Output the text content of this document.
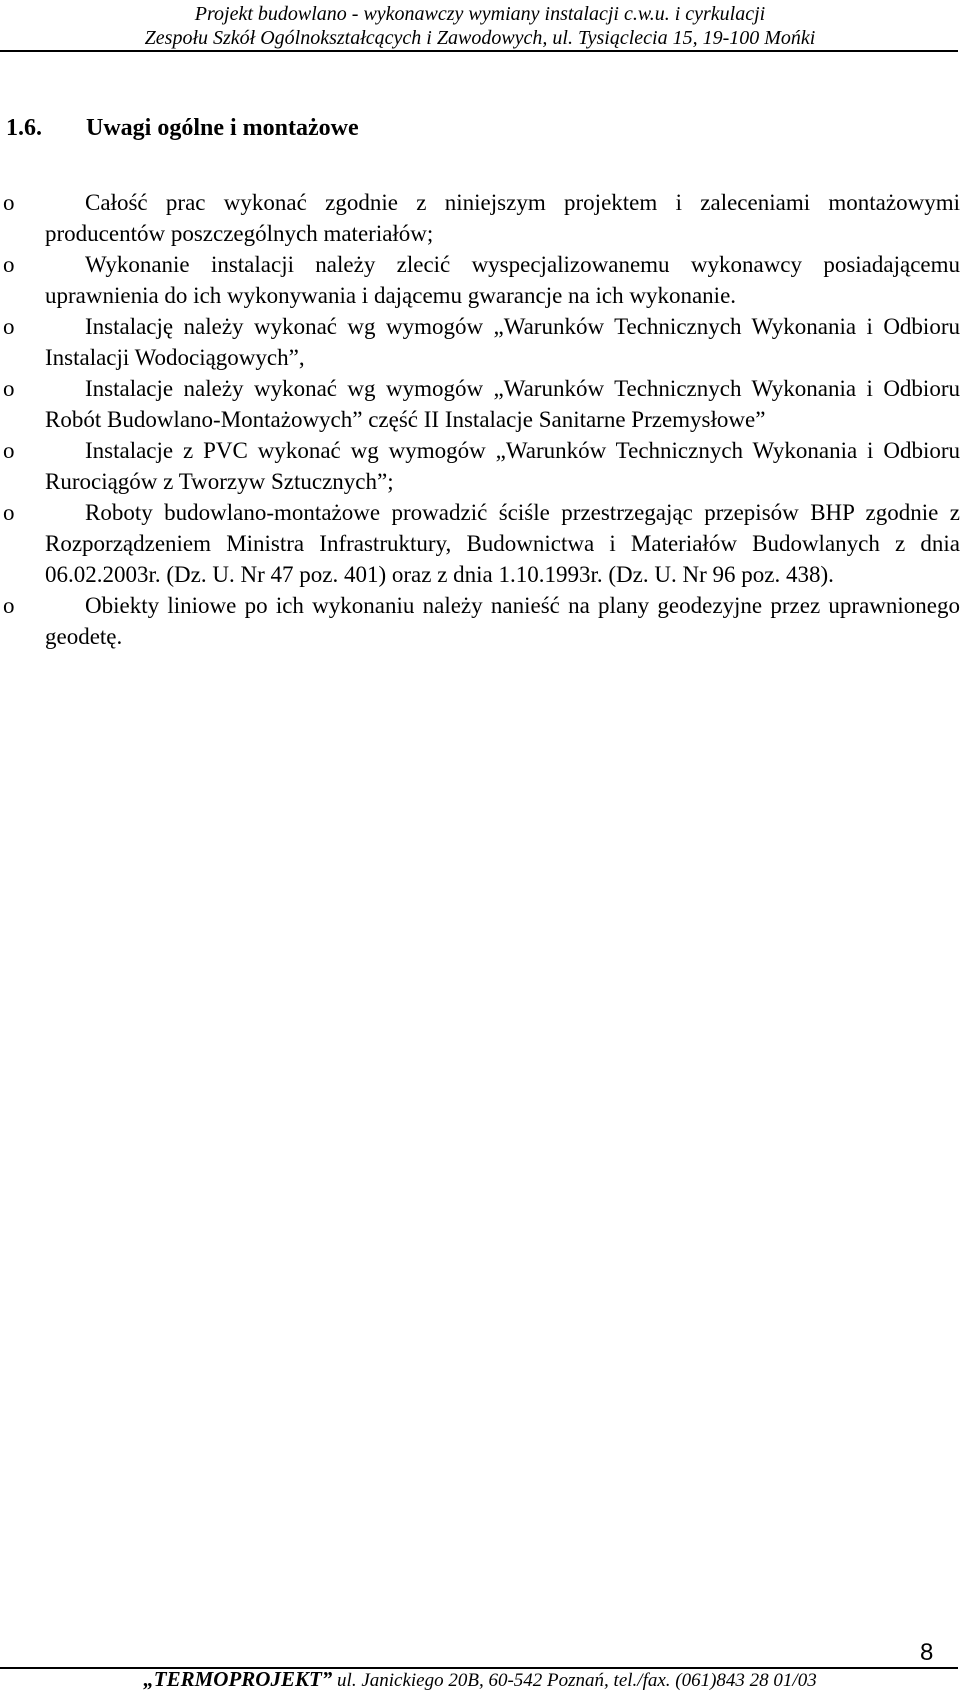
Projekt budowlano - wykonawczy wymiany instalacji c.w.u. i cyrkulacji
Zespołu Szkół Ogólnokształcących i Zawodowych, ul. Tysiąclecia 15, 19-100 Mońki
1.6. Uwagi ogólne i montażowe
o	Całość prac wykonać zgodnie z niniejszym projektem i zaleceniami montażowymi producentów poszczególnych materiałów;
o	Wykonanie instalacji należy zlecić wyspecjalizowanemu wykonawcy posiadającemu uprawnienia do ich wykonywania i dającemu gwarancje na ich wykonanie.
o	Instalację należy wykonać wg wymogów „Warunków Technicznych Wykonania i Odbioru Instalacji Wodociągowych”,
o	Instalacje należy wykonać wg wymogów „Warunków Technicznych Wykonania i Odbioru Robót Budowlano-Montażowych” część II Instalacje Sanitarne Przemysłowe”
o	Instalacje z PVC wykonać wg wymogów „Warunków Technicznych Wykonania i Odbioru Rurociągów z Tworzyw Sztucznych”;
o	Roboty budowlano-montażowe prowadzić ściśle przestrzegając przepisów BHP zgodnie z Rozporządzeniem Ministra Infrastruktury, Budownictwa i Materiałów Budowlanych z dnia 06.02.2003r. (Dz. U. Nr 47 poz. 401) oraz z dnia 1.10.1993r. (Dz. U. Nr 96 poz. 438).
o	Obiekty liniowe po ich wykonaniu należy nanieść na plany geodezyjne przez uprawnionego geodetę.
8
„TERMOPROJEKT” ul. Janickiego 20B, 60-542 Poznań, tel./fax. (061)843 28 01/03
